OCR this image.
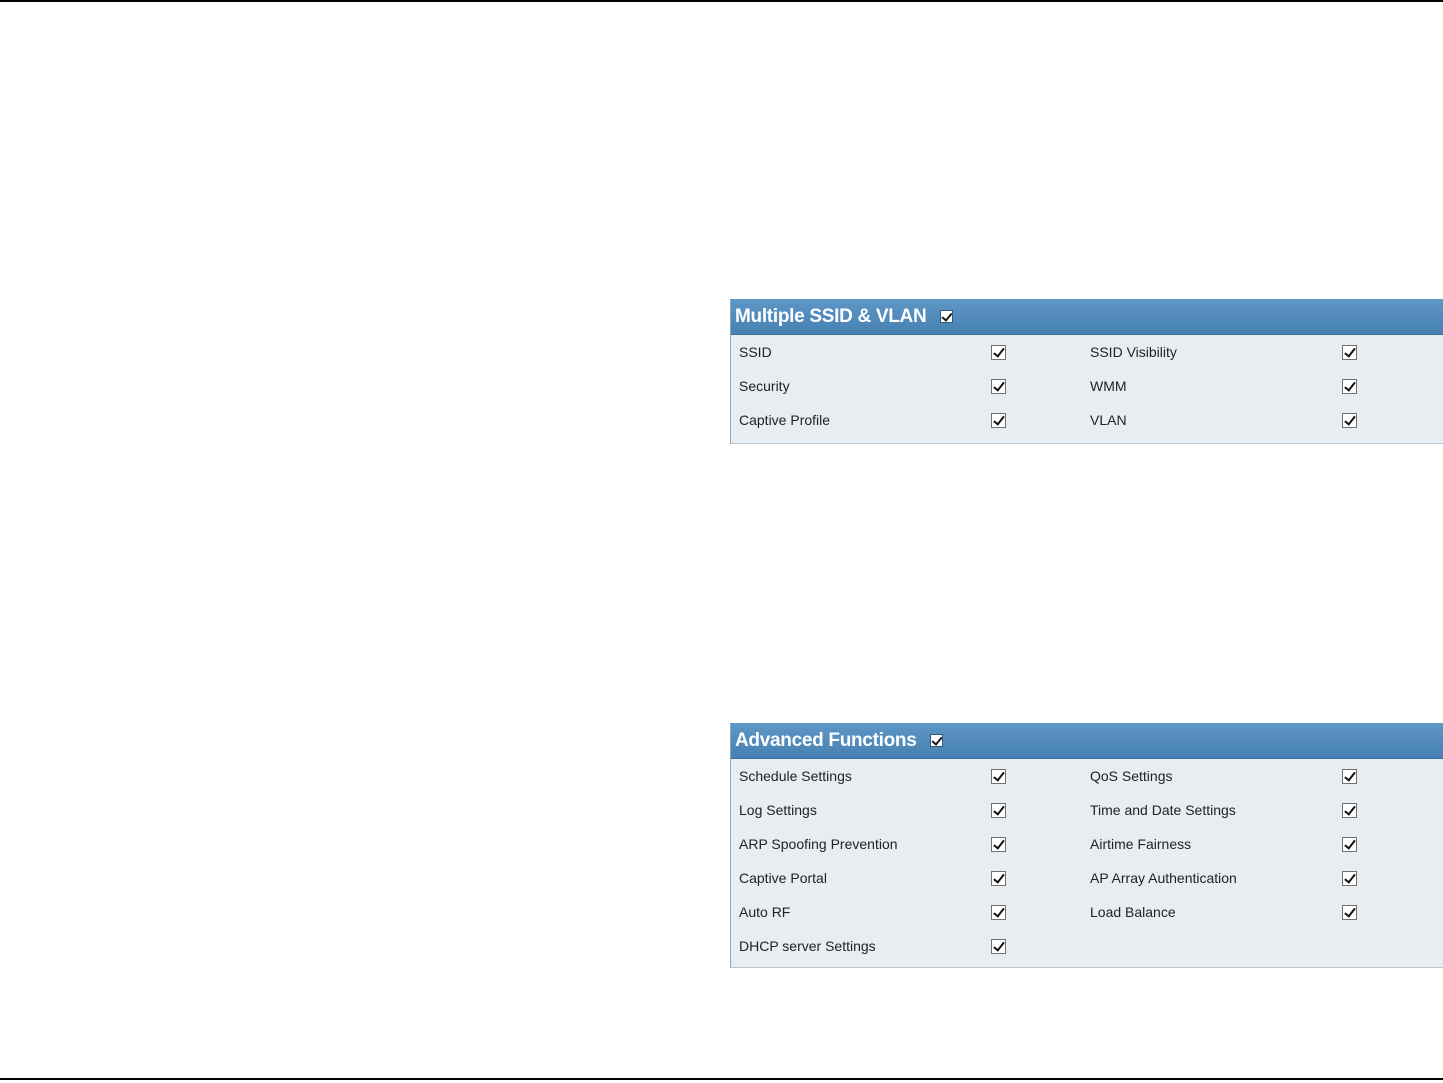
Multiple SSID & VLAN
SSID	SSID Visibility
Security	WMM
Captive Profile	VLAN
Advanced Functions
Schedule Settings	QoS Settings
Log Settings	Time and Date Settings
ARP Spoofing Prevention	Airtime Fairness
Captive Portal	AP Array Authentication
Auto RF	Load Balance
DHCP server Settings
